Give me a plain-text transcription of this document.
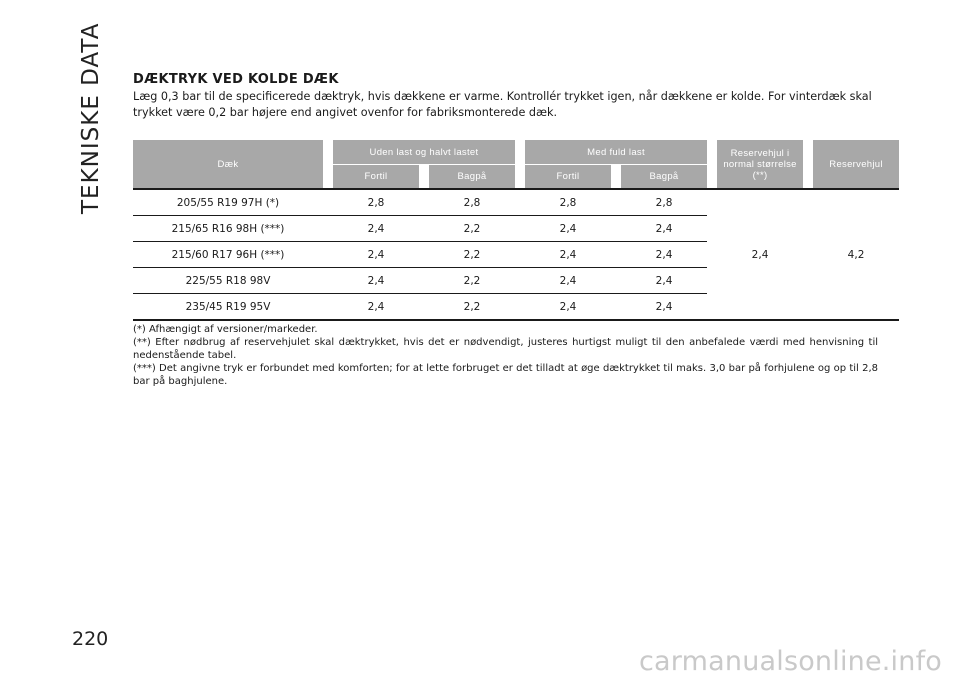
TEKNISKE DATA
220
DÆKTRYK VED KOLDE DÆK
Læg 0,3 bar til de specificerede dæktryk, hvis dækkene er varme. Kontrollér trykket igen, når dækkene er kolde. For vinterdæk skal trykket være 0,2 bar højere end angivet ovenfor for fabriksmonterede dæk.
Dæk		Uden last og halvt lastet				Med fuld last				Reservehjul i normal størrelse (**)		Reservehjul
		Fortil		Bagpå		Fortil		Bagpå				
205/55 R19 97H (*)		2,8		2,8		2,8		2,8		2,4		4,2
215/65 R16 98H (***)		2,4		2,2		2,4		2,4				
215/60 R17 96H (***)		2,4		2,2		2,4		2,4				
225/55 R18 98V		2,4		2,2		2,4		2,4				
235/45 R19 95V		2,4		2,2		2,4		2,4				

(*) Afhængigt af versioner/markeder.

(**) Efter nødbrug af reservehjulet skal dæktrykket, hvis det er nødvendigt, justeres hurtigst muligt til den anbefalede værdi med henvisning til nedenstående tabel.

(***) Det angivne tryk er forbundet med komforten; for at lette forbruget er det tilladt at øge dæktrykket til maks. 3,0 bar på forhjulene og op til 2,8 bar på baghjulene.

carmanualsonline.info
